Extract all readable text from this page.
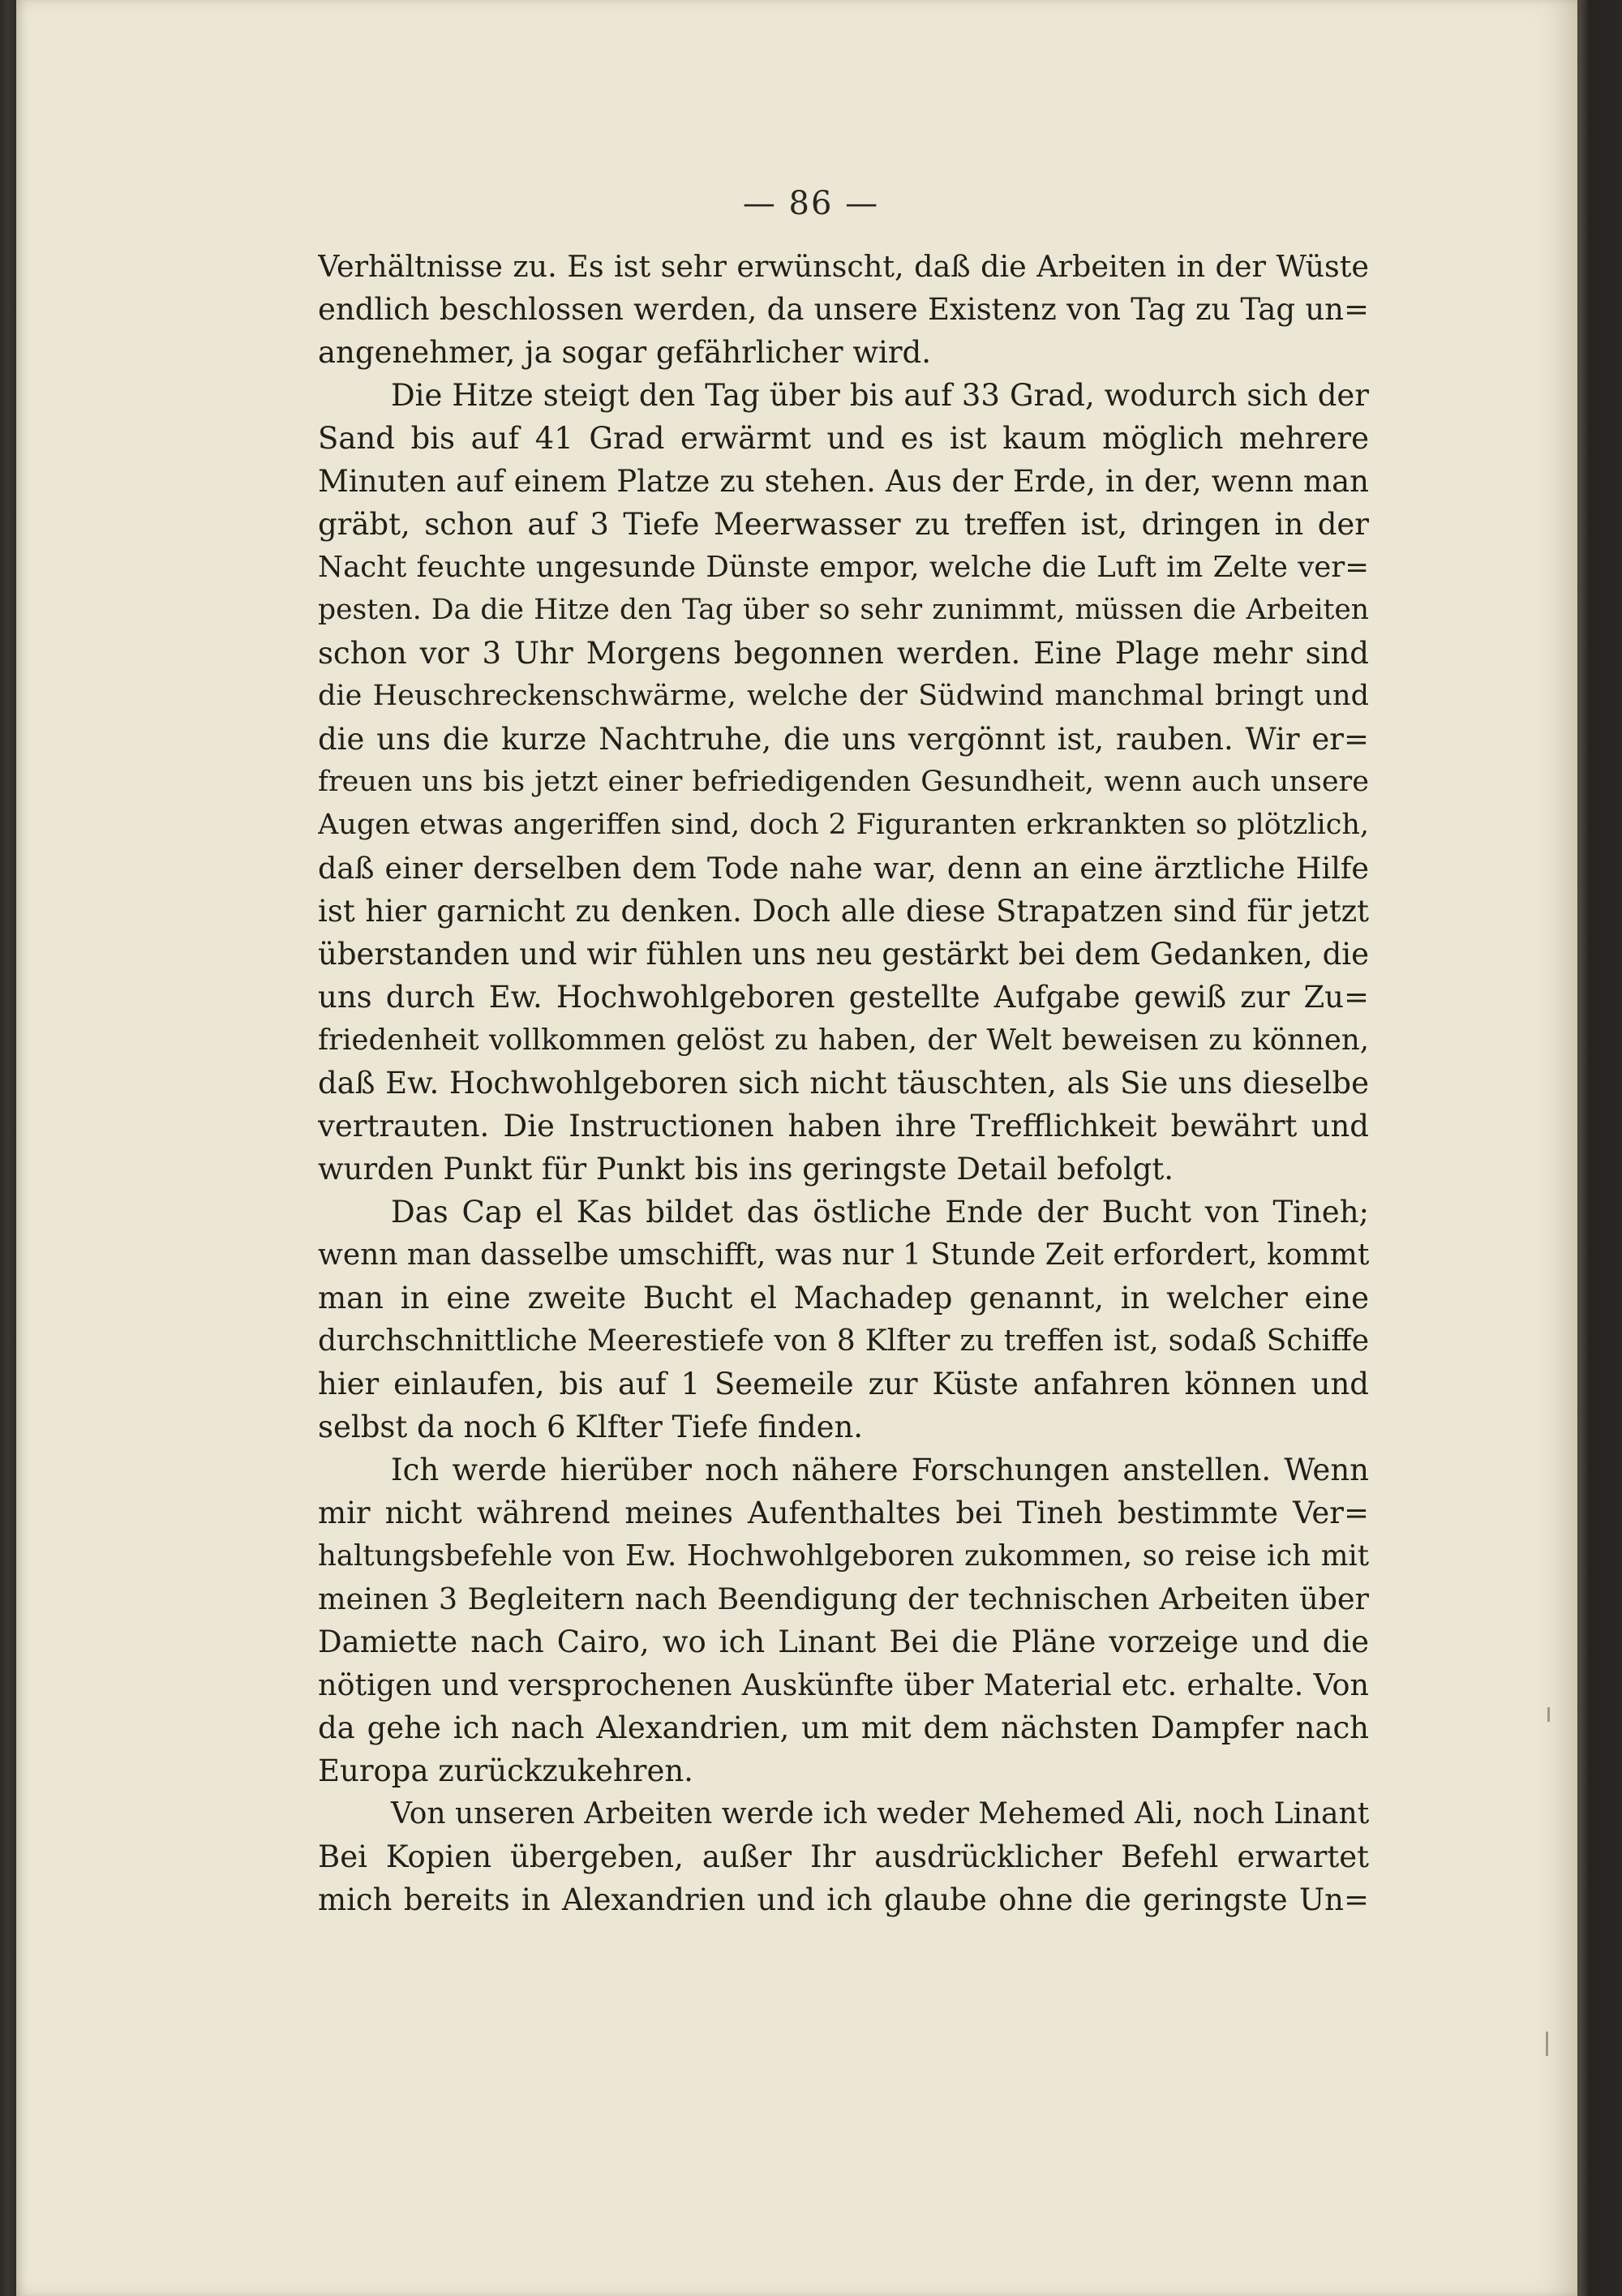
— 86 —
Verhältnisse zu. Es ist sehr erwünscht, daß die Arbeiten in der Wüste
endlich beschlossen werden, da unsere Existenz von Tag zu Tag un=
angenehmer, ja sogar gefährlicher wird.
Die Hitze steigt den Tag über bis auf 33 Grad, wodurch sich der
Sand bis auf 41 Grad erwärmt und es ist kaum möglich mehrere
Minuten auf einem Platze zu stehen. Aus der Erde, in der, wenn man
gräbt, schon auf 3 Tiefe Meerwasser zu treffen ist, dringen in der
Nacht feuchte ungesunde Dünste empor, welche die Luft im Zelte ver=
pesten. Da die Hitze den Tag über so sehr zunimmt, müssen die Arbeiten
schon vor 3 Uhr Morgens begonnen werden. Eine Plage mehr sind
die Heuschreckenschwärme, welche der Südwind manchmal bringt und
die uns die kurze Nachtruhe, die uns vergönnt ist, rauben. Wir er=
freuen uns bis jetzt einer befriedigenden Gesundheit, wenn auch unsere
Augen etwas angeriffen sind, doch 2 Figuranten erkrankten so plötzlich,
daß einer derselben dem Tode nahe war, denn an eine ärztliche Hilfe
ist hier garnicht zu denken. Doch alle diese Strapatzen sind für jetzt
überstanden und wir fühlen uns neu gestärkt bei dem Gedanken, die
uns durch Ew. Hochwohlgeboren gestellte Aufgabe gewiß zur Zu=
friedenheit vollkommen gelöst zu haben, der Welt beweisen zu können,
daß Ew. Hochwohlgeboren sich nicht täuschten, als Sie uns dieselbe
vertrauten. Die Instructionen haben ihre Trefflichkeit bewährt und
wurden Punkt für Punkt bis ins geringste Detail befolgt.
Das Cap el Kas bildet das östliche Ende der Bucht von Tineh;
wenn man dasselbe umschifft, was nur 1 Stunde Zeit erfordert, kommt
man in eine zweite Bucht el Machadep genannt, in welcher eine
durchschnittliche Meerestiefe von 8 Klfter zu treffen ist, sodaß Schiffe
hier einlaufen, bis auf 1 Seemeile zur Küste anfahren können und
selbst da noch 6 Klfter Tiefe finden.
Ich werde hierüber noch nähere Forschungen anstellen. Wenn
mir nicht während meines Aufenthaltes bei Tineh bestimmte Ver=
haltungsbefehle von Ew. Hochwohlgeboren zukommen, so reise ich mit
meinen 3 Begleitern nach Beendigung der technischen Arbeiten über
Damiette nach Cairo, wo ich Linant Bei die Pläne vorzeige und die
nötigen und versprochenen Auskünfte über Material etc. erhalte. Von
da gehe ich nach Alexandrien, um mit dem nächsten Dampfer nach
Europa zurückzukehren.
Von unseren Arbeiten werde ich weder Mehemed Ali, noch Linant
Bei Kopien übergeben, außer Ihr ausdrücklicher Befehl erwartet
mich bereits in Alexandrien und ich glaube ohne die geringste Un=
